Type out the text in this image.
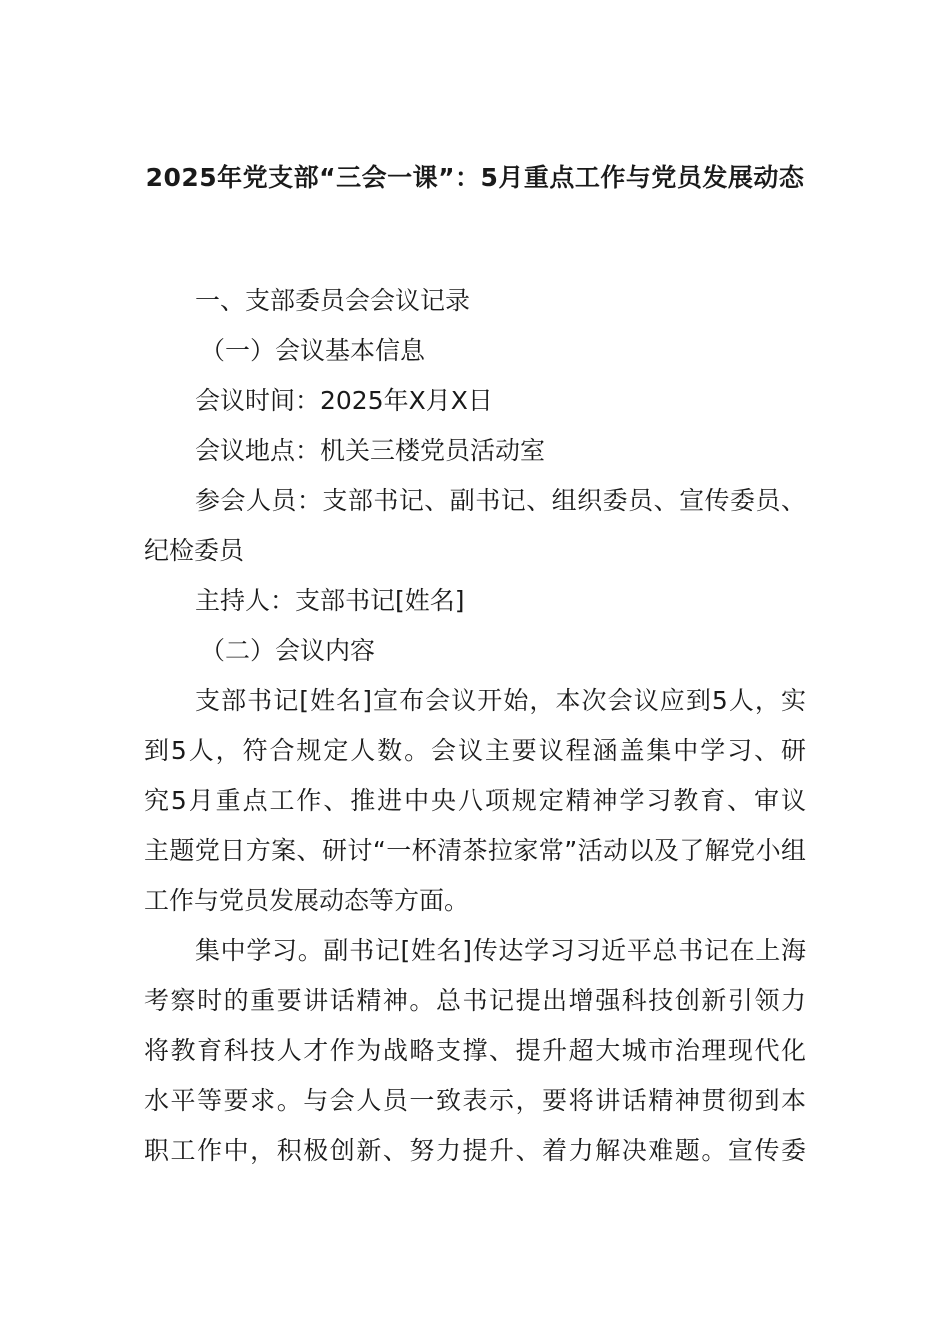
2025年党支部“三会一课”：5月重点工作与党员发展动态
一、支部委员会会议记录
（一）会议基本信息
会议时间：2025年X月X日
会议地点：机关三楼党员活动室
参会人员：支部书记、副书记、组织委员、宣传委员、
纪检委员
主持人：支部书记[姓名]
（二）会议内容
支部书记[姓名]宣布会议开始，本次会议应到5人，实
到5人，符合规定人数。会议主要议程涵盖集中学习、研
究5月重点工作、推进中央八项规定精神学习教育、审议
主题党日方案、研讨“一杯清茶拉家常”活动以及了解党小组
工作与党员发展动态等方面。
集中学习。副书记[姓名]传达学习习近平总书记在上海
考察时的重要讲话精神。总书记提出增强科技创新引领力
将教育科技人才作为战略支撑、提升超大城市治理现代化
水平等要求。与会人员一致表示，要将讲话精神贯彻到本
职工作中，积极创新、努力提升、着力解决难题。宣传委
